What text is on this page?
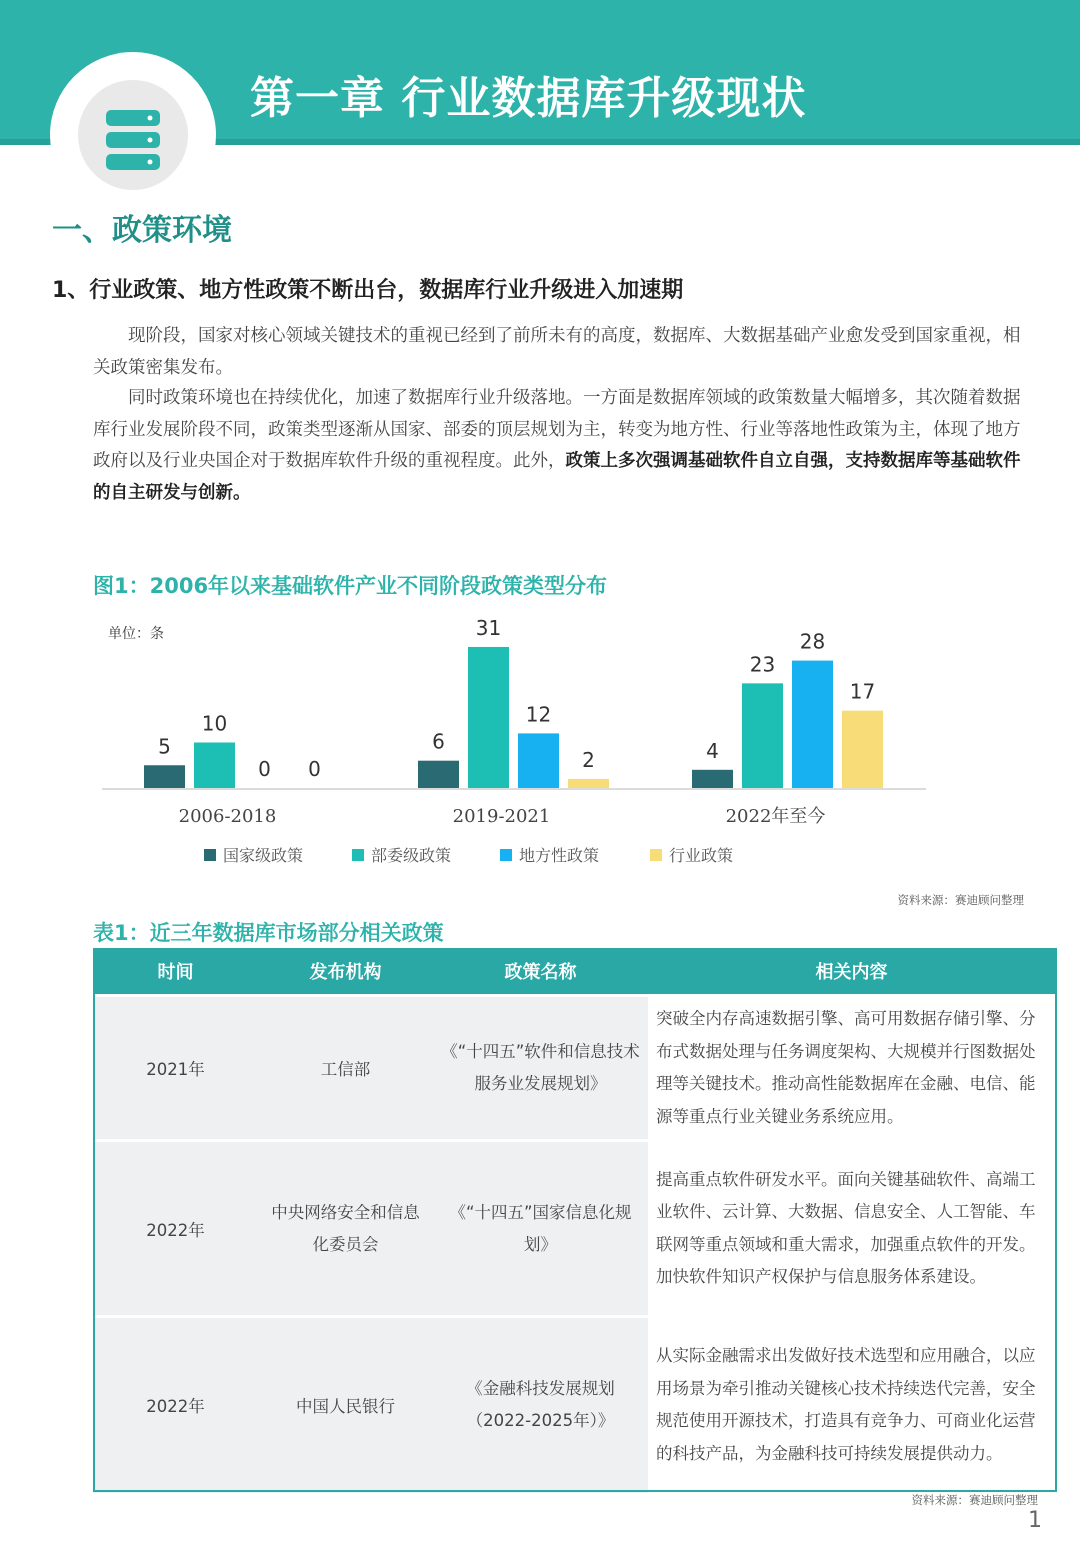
第一章 行业数据库升级现状
一、政策环境
1、行业政策、地方性政策不断出台，数据库行业升级进入加速期

现阶段，国家对核心领域关键技术的重视已经到了前所未有的高度，数据库、大数据基础产业愈发受到国家重视，相关政策密集发布。

同时政策环境也在持续优化，加速了数据库行业升级落地。一方面是数据库领域的政策数量大幅增多，其次随着数据库行业发展阶段不同，政策类型逐渐从国家、部委的顶层规划为主，转变为地方性、行业等落地性政策为主，体现了地方政府以及行业央国企对于数据库软件升级的重视程度。此外，政策上多次强调基础软件自立自强，支持数据库等基础软件的自主研发与创新。

图1：2006年以来基础软件产业不同阶段政策类型分布
单位：条
5
10
0 0
2006-2018
6
31
12
2
2019-2021
4
23
28
17
2022年至今
国家级政策	部委级政策	地方性政策	行业政策
资料来源：赛迪顾问整理
表1：近三年数据库市场部分相关政策
时间	发布机构	政策名称	相关内容
2021年	工信部	《“十四五”软件和信息技术服务业发展规划》	突破全内存高速数据引擎、高可用数据存储引擎、分布式数据处理与任务调度架构、大规模并行图数据处理等关键技术。推动高性能数据库在金融、电信、能源等重点行业关键业务系统应用。
2022年	中央网络安全和信息化委员会	《“十四五”国家信息化规划》	提高重点软件研发水平。面向关键基础软件、高端工业软件、云计算、大数据、信息安全、人工智能、车联网等重点领域和重大需求，加强重点软件的开发。加快软件知识产权保护与信息服务体系建设。
2022年	中国人民银行	《金融科技发展规划（2022-2025年）》	从实际金融需求出发做好技术选型和应用融合，以应用场景为牵引推动关键核心技术持续迭代完善，安全规范使用开源技术，打造具有竞争力、可商业化运营的科技产品，为金融科技可持续发展提供动力。
资料来源：赛迪顾问整理
1
